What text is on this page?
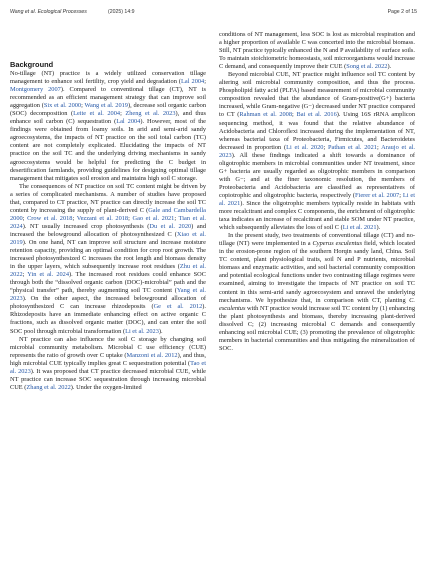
Wang et al. Ecological Processes	(2025) 14:9	Page 2 of 15
Background

No-tillage (NT) practice is a widely utilized conservation tillage management to enhance soil fertility, crop yield and degradation (Lal 2004; Montgomery 2007). Compared to conventional tillage (CT), NT is recommended as an efficient management strategy that can improve soil aggregation (Six et al. 2000; Wang et al. 2019), decrease soil organic carbon (SOC) decomposition (Leite et al. 2004; Zheng et al. 2023), and thus enhance soil carbon (C) sequestration (Lal 2004). However, most of the findings were obtained from loamy soils. In arid and semi-arid sandy agroecosystems, the impacts of NT practice on the soil total carbon (TC) content are not completely explicated. Elucidating the impacts of NT practice on the soil TC and the underlying driving mechanisms in sandy agroecosystems would be helpful for predicting the C budget in desertification farmlands, providing guidelines for designing optimal tillage management that mitigates soil erosion and maintains high soil C storage.

The consequences of NT practice on soil TC content might be driven by a series of complicated mechanisms. A number of studies have proposed that, compared to CT practice, NT practice can directly increase the soil TC content by increasing the supply of plant-derived C (Gale and Cambardella 2000; Crow et al. 2018; Vezzani et al. 2018; Gao et al. 2021; Tian et al. 2024). NT usually increased crop photosynthesis (Du et al. 2020) and increased the belowground allocation of photosynthesized C (Xiao et al. 2019). On one hand, NT can improve soil structure and increase moisture retention capacity, providing an optimal condition for crop root growth. The increased photosynthesized C increases the root length and biomass density in the upper layers, which subsequently increase root residues (Zhu et al. 2022; Yin et al. 2024). The increased root residues could enhance SOC through both the “dissolved organic carbon (DOC)-microbial” path and the “physical transfer” path, thereby augmenting soil TC content (Yang et al. 2023). On the other aspect, the increased belowground allocation of photosynthesized C can increase rhizodeposits (Ge et al. 2012). Rhizodeposits have an immediate enhancing effect on active organic C fractions, such as dissolved organic matter (DOC), and can enter the soil SOC pool through microbial transformation (Li et al. 2023).

NT practice can also influence the soil C storage by changing soil microbial community metabolism. Microbial C use efficiency (CUE) represents the ratio of growth over C uptake (Manzoni et al. 2012), and thus, high microbial CUE typically implies great C sequestration potential (Tao et al. 2023). It was proposed that CT practice decreased microbial CUE, while NT practice can increase SOC sequestration through increasing microbial CUE (Zhang et al. 2022). Under the oxygen-limited

conditions of NT management, less SOC is lost as microbial respiration and a higher proportion of available C was concerted into the microbial biomass. Still, NT practice typically enhanced the N and P availability of surface soils. To maintain stoichiometric homeostasis, soil microorganisms would increase C demand, and consequently improve their CUE (Song et al. 2022).

Beyond microbial CUE, NT practice might influence soil TC content by altering soil microbial community composition, and thus the process. Phospholipid fatty acid (PLFA) based measurement of microbial community composition revealed that the abundance of Gram-positive(G+) bacteria increased, while Gram-negative (G−) decreased under NT practice compared to CT (Rahman et al. 2008; Bai et al. 2016). Using 16S rRNA amplicon sequencing method, it was found that the relative abundance of Acidobacteria and Chloroflexi increased during the implementation of NT, whereas bacterial taxa of Proteobacteria, Firmicutes, and Bacteroidetes decreased in proportion (Li et al. 2020; Pathan et al. 2021; Araujo et al. 2023). All these findings indicated a shift towards a dominance of oligotrophic members in microbial communities under NT treatment, since G+ bacteria are usually regarded as oligotrophic members in comparison with G−; and at the finer taxonomic resolution, the members of Proteobacteria and Acidobacteria are classified as representatives of copiotrophic and oligotrophic bacteria, respectively (Fierer et al. 2007; Li et al. 2021). Since the oligotrophic members typically reside in habitats with more recalcitrant and complex C components, the enrichment of oligotrophic taxa indicates an increase of recalcitrant and stable SOM under NT practice, which subsequently alleviates the loss of soil C (Li et al. 2021).

In the present study, two treatments of conventional tillage (CT) and no-tillage (NT) were implemented in a Cyperus esculentus field, which located in the erosion-prone region of the southern Horqin sandy land, China. Soil TC content, plant physiological traits, soil N and P nutrients, microbial biomass and enzymatic activities, and soil bacterial community composition and potential ecological functions under two contrasting tillage regimes were examined, aiming to investigate the impacts of NT practice on soil TC content in this semi-arid sandy agroecosystem and unravel the underlying mechanisms. We hypothesize that, in comparison with CT, planting C. esculentus with NT practice would increase soil TC content by (1) enhancing the plant photosynthesis and biomass, thereby increasing plant-derived dissolved C; (2) increasing microbial C demands and consequently enhancing soil microbial CUE; (3) promoting the prevalence of oligotrophic members in bacterial communities and thus mitigating the mineralization of SOC.
